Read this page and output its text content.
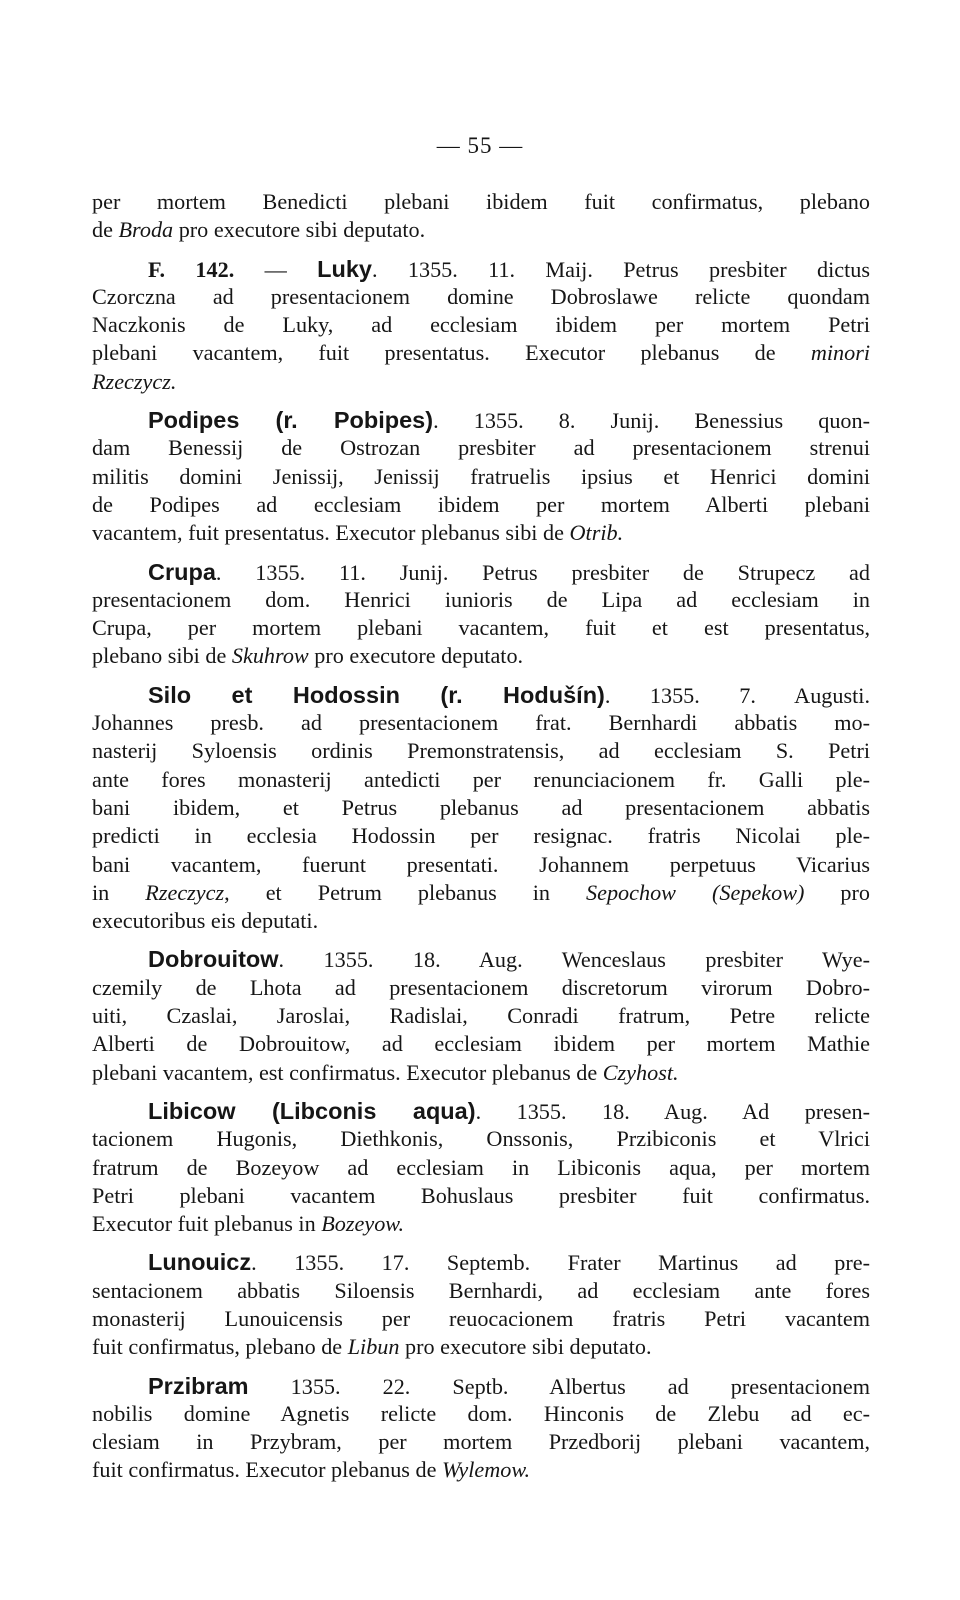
— 55 —
per mortem Benedicti plebani ibidem fuit confirmatus, plebano
de Broda pro executore sibi deputato.
F. 142. — Luky. 1355. 11. Maij. Petrus presbiter dictus
Czorczna ad presentacionem domine Dobroslawe relicte quondam
Naczkonis de Luky, ad ecclesiam ibidem per mortem Petri
plebani vacantem, fuit presentatus. Executor plebanus de minori
Rzeczycz.
Podipes (r. Pobipes). 1355. 8. Junij. Benessius quon-
dam Benessij de Ostrozan presbiter ad presentacionem strenui
militis domini Jenissij, Jenissij fratruelis ipsius et Henrici domini
de Podipes ad ecclesiam ibidem per mortem Alberti plebani
vacantem, fuit presentatus. Executor plebanus sibi de Otrib.
Crupa. 1355. 11. Junij. Petrus presbiter de Strupecz ad
presentacionem dom. Henrici iunioris de Lipa ad ecclesiam in
Crupa, per mortem plebani vacantem, fuit et est presentatus,
plebano sibi de Skuhrow pro executore deputato.
Silo et Hodossin (r. Hodušín). 1355. 7. Augusti.
Johannes presb. ad presentacionem frat. Bernhardi abbatis mo-
nasterij Syloensis ordinis Premonstratensis, ad ecclesiam S. Petri
ante fores monasterij antedicti per renunciacionem fr. Galli ple-
bani ibidem, et Petrus plebanus ad presentacionem abbatis
predicti in ecclesia Hodossin per resignac. fratris Nicolai ple-
bani vacantem, fuerunt presentati. Johannem perpetuus Vicarius
in Rzeczycz, et Petrum plebanus in Sepochow (Sepekow) pro
executoribus eis deputati.
Dobrouitow. 1355. 18. Aug. Wenceslaus presbiter Wye-
czemily de Lhota ad presentacionem discretorum virorum Dobro-
uiti, Czaslai, Jaroslai, Radislai, Conradi fratrum, Petre relicte
Alberti de Dobrouitow, ad ecclesiam ibidem per mortem Mathie
plebani vacantem, est confirmatus. Executor plebanus de Czyhost.
Libicow (Libconis aqua). 1355. 18. Aug. Ad presen-
tacionem Hugonis, Diethkonis, Onssonis, Przibiconis et Vlrici
fratrum de Bozeyow ad ecclesiam in Libiconis aqua, per mortem
Petri plebani vacantem Bohuslaus presbiter fuit confirmatus.
Executor fuit plebanus in Bozeyow.
Lunouicz. 1355. 17. Septemb. Frater Martinus ad pre-
sentacionem abbatis Siloensis Bernhardi, ad ecclesiam ante fores
monasterij Lunouicensis per reuocacionem fratris Petri vacantem
fuit confirmatus, plebano de Libun pro executore sibi deputato.
Przibram 1355. 22. Septb. Albertus ad presentacionem
nobilis domine Agnetis relicte dom. Hinconis de Zlebu ad ec-
clesiam in Przybram, per mortem Przedborij plebani vacantem,
fuit confirmatus. Executor plebanus de Wylemow.
